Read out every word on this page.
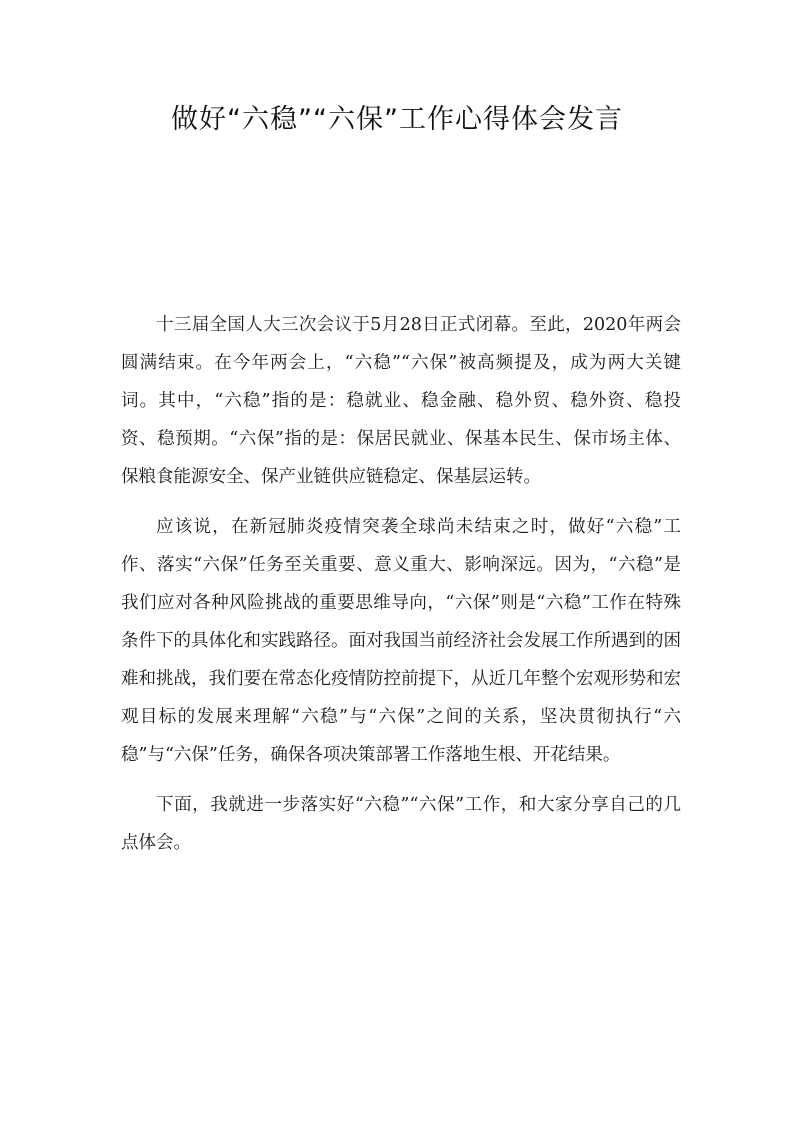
做好“六稳”“六保”工作心得体会发言

十三届全国人大三次会议于5月28日正式闭幕。至此，2020年两会圆满结束。在今年两会上，“六稳”“六保”被高频提及，成为两大关键词。其中，“六稳”指的是：稳就业、稳金融、稳外贸、稳外资、稳投资、稳预期。“六保”指的是：保居民就业、保基本民生、保市场主体、保粮食能源安全、保产业链供应链稳定、保基层运转。

应该说，在新冠肺炎疫情突袭全球尚未结束之时，做好“六稳”工作、落实“六保”任务至关重要、意义重大、影响深远。因为，“六稳”是我们应对各种风险挑战的重要思维导向，“六保”则是“六稳”工作在特殊条件下的具体化和实践路径。面对我国当前经济社会发展工作所遇到的困难和挑战，我们要在常态化疫情防控前提下，从近几年整个宏观形势和宏观目标的发展来理解“六稳”与“六保”之间的关系，坚决贯彻执行“六稳”与“六保”任务，确保各项决策部署工作落地生根、开花结果。

下面，我就进一步落实好“六稳”“六保”工作，和大家分享自己的几点体会。
